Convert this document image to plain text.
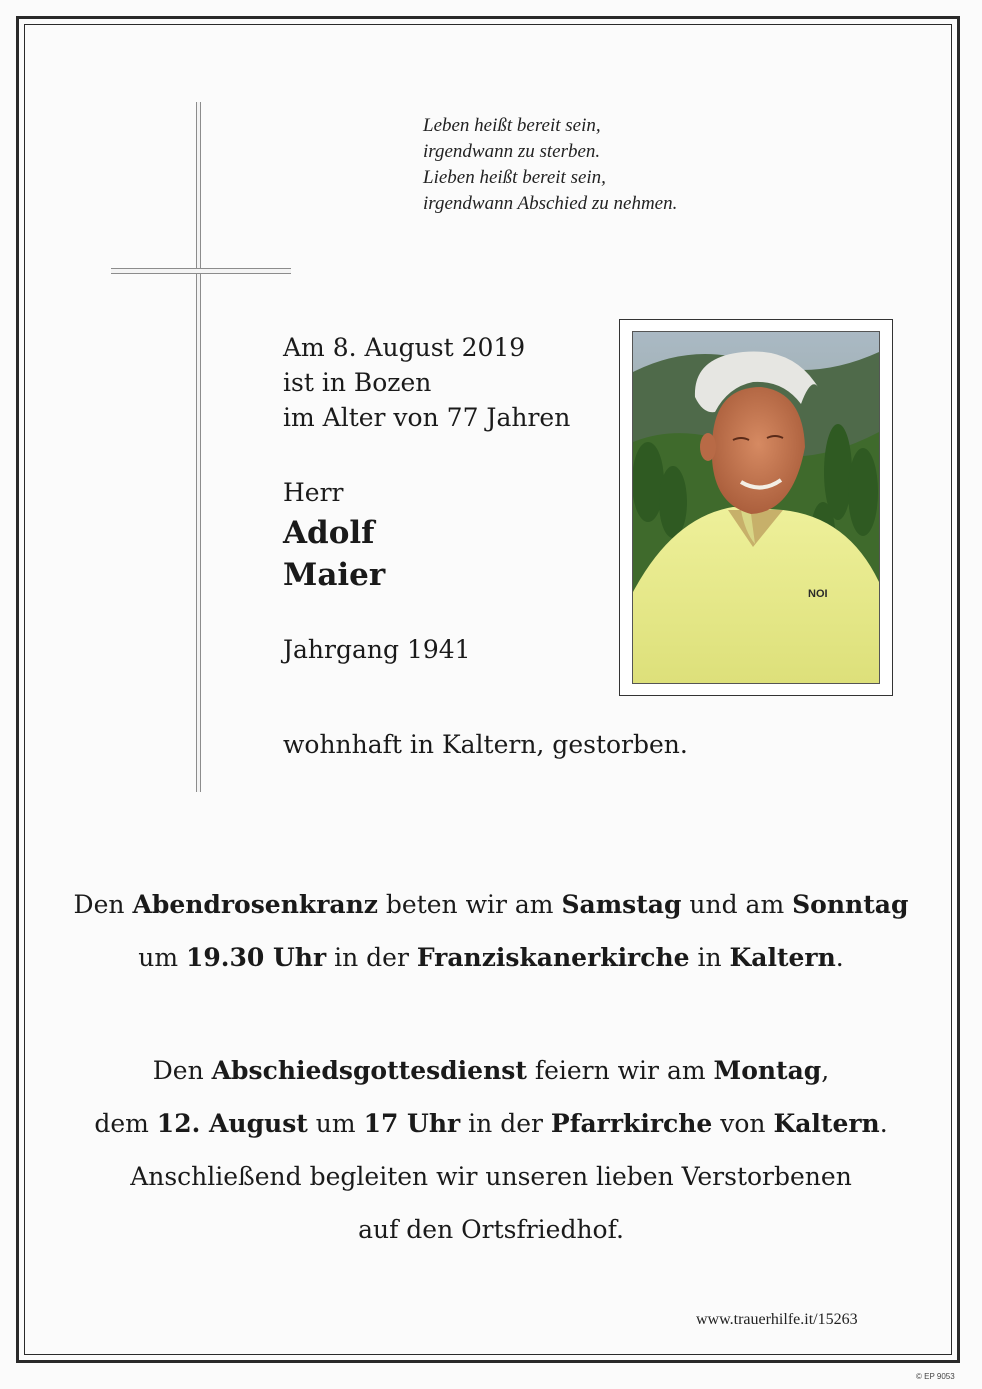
Leben heißt bereit sein,
irgendwann zu sterben.
Lieben heißt bereit sein,
irgendwann Abschied zu nehmen.
Am 8. August 2019
ist in Bozen
im Alter von 77 Jahren
Herr
Adolf
Maier
Jahrgang 1941
wohnhaft in Kaltern, gestorben.
NOI
Den Abendrosenkranz beten wir am Samstag und am Sonntag
um 19.30 Uhr in der Franziskanerkirche in Kaltern.
Den Abschiedsgottesdienst feiern wir am Montag,
dem 12. August um 17 Uhr in der Pfarrkirche von Kaltern.
Anschließend begleiten wir unseren lieben Verstorbenen
auf den Ortsfriedhof.
www.trauerhilfe.it/15263
© EP 9053
